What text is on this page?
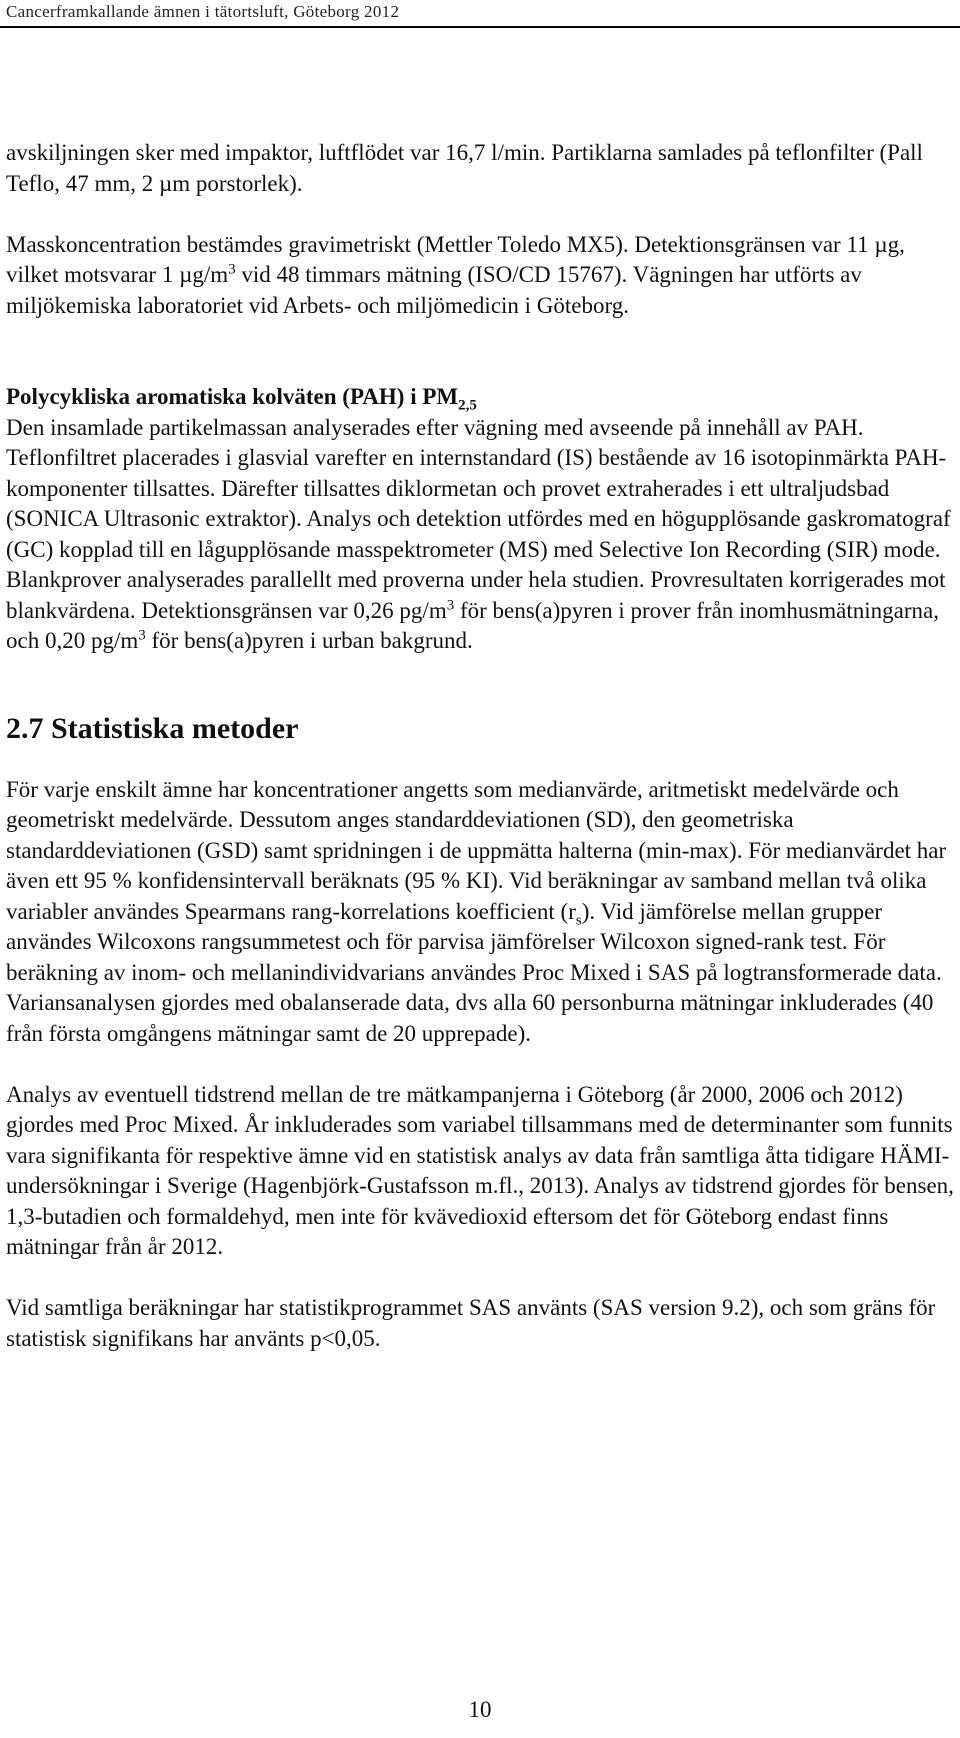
Cancerframkallande ämnen i tätortsluft, Göteborg 2012

avskiljningen sker med impaktor, luftflödet var 16,7 l/min. Partiklarna samlades på teflonfilter (Pall Teflo, 47 mm, 2 µm porstorlek).

Masskoncentration bestämdes gravimetriskt (Mettler Toledo MX5). Detektionsgränsen var 11 µg, vilket motsvarar 1 $\mu g/m^3$ vid 48 timmars mätning (ISO/CD 15767). Vägningen har utförts av miljökemiska laboratoriet vid Arbets- och miljömedicin i Göteborg.

Polycykliska aromatiska kolväten (PAH) i $PM_{2,5}$

Den insamlade partikelmassan analyserades efter vägning med avseende på innehåll av PAH. Teflonfiltret placerades i glasvial varefter en internstandard (IS) bestående av 16 isotopinmärkta PAH-komponenter tillsattes. Därefter tillsattes diklormetan och provet extraherades i ett ultraljudsbad (SONICA Ultrasonic extraktor). Analys och detektion utfördes med en högupplösande gaskromatograf (GC) kopplad till en lågupplösande masspektrometer (MS) med Selective Ion Recording (SIR) mode. Blankprover analyserades parallellt med proverna under hela studien. Provresultaten korrigerades mot blankvärdena. Detektionsgränsen var 0,26 $pg/m^3$ för bens(a)pyren i prover från inomhusmätningarna, och 0,20 $pg/m^3$ för bens(a)pyren i urban bakgrund.

2.7 Statistiska metoder

För varje enskilt ämne har koncentrationer angetts som medianvärde, aritmetiskt medelvärde och geometriskt medelvärde. Dessutom anges standarddeviationen (SD), den geometriska standarddeviationen (GSD) samt spridningen i de uppmätta halterna (min-max). För medianvärdet har även ett 95 % konfidensintervall beräknats (95 % KI). Vid beräkningar av samband mellan två olika variabler användes Spearmans rang-korrelations koefficient $(r_s)$. Vid jämförelse mellan grupper användes Wilcoxons rangsummetest och för parvisa jämförelser Wilcoxon signed-rank test. För beräkning av inom- och mellanindividvarians användes Proc Mixed i SAS på logtransformerade data. Variansanalysen gjordes med obalanserade data, dvs alla 60 personburna mätningar inkluderades (40 från första omgångens mätningar samt de 20 upprepade).

Analys av eventuell tidstrend mellan de tre mätkampanjerna i Göteborg (år 2000, 2006 och 2012) gjordes med Proc Mixed. År inkluderades som variabel tillsammans med de determinanter som funnits vara signifikanta för respektive ämne vid en statistisk analys av data från samtliga åtta tidigare HÄMI-undersökningar i Sverige (Hagenbjörk-Gustafsson m.fl., 2013). Analys av tidstrend gjordes för bensen, 1,3-butadien och formaldehyd, men inte för kvävedioxid eftersom det för Göteborg endast finns mätningar från år 2012.

Vid samtliga beräkningar har statistikprogrammet SAS använts (SAS version 9.2), och som gräns för statistisk signifikans har använts p<0,05.

10
